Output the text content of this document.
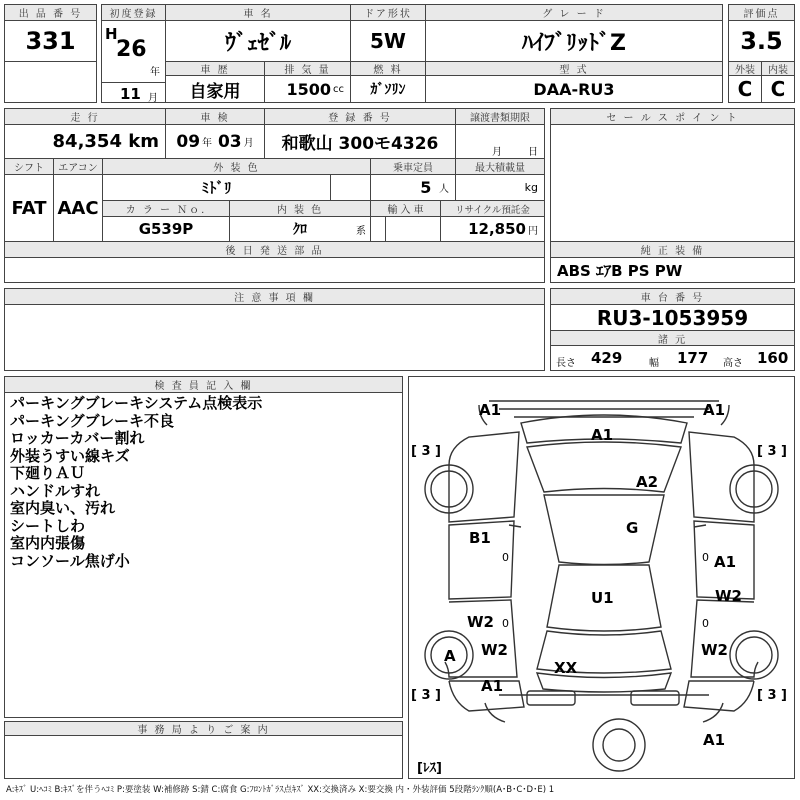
出 品 番 号
331
初度登録
H
26
年
11 月
車 名
ｳﾞｪｾﾞﾙ
ドア形状
5W
グ レ ー ド
ﾊｲﾌﾞﾘｯﾄﾞZ
評価点
3.5
外装	内装
C C
車 歴
自家用
排 気 量
1500 cc
燃 料
ｶﾞｿﾘﾝ
型 式
DAA-RU3
走 行
84,354
km
車 検
09 年
03 月
登 録 番 号
和歌山 300モ4326
譲渡書類期限
月	日
シフト
FAT
エアコン
AAC
外 装 色
ﾐﾄﾞﾘ
乗車定員
5
人
最大積載量
kg
カ ラ ー Ｎｏ.
G539P
内 装 色
ｸﾛ	系
輸 入 車	リサイクル預託金
12,850 円
後 日 発 送 部 品
セ ー ル ス ポ イ ン ト
純 正 装 備
ABS ｴｱB PS PW
注 意 事 項 欄	車 台 番 号
RU3-1053959
諸 元
長さ 429	幅 177 高さ 160
検 査 員 記 入 欄
パーキングブレーキシステム点検表示
パーキングブレーキ不良
ロッカーカバー割れ
外装うすい線キズ
下廻りＡＵ
ハンドルすれ
室内臭い、汚れ
シートしわ
室内内張傷
コンソール焦げ小
事 務 局 よ り ご 案 内
A1	A1
A1
A2
G
B1
A1
W2
W2
U1
A W2	W2
XX
A1
A1
[ 3 ]	[ 3 ]
[ 3 ]	[ 3 ]
[ﾚｽ]
0	0
0	0
A:ｷｽﾞ U:ﾍｺﾐ B:ｷｽﾞを伴うﾍｺﾐ P:要塗装 W:補修跡 S:錆 C:腐食 G:ﾌﾛﾝﾄｶﾞﾗｽ点ｷｽﾞ XX:交換済み X:要交換 内・外装評価 5段階ﾗﾝｸ順(A･B･C･D･E) 1
